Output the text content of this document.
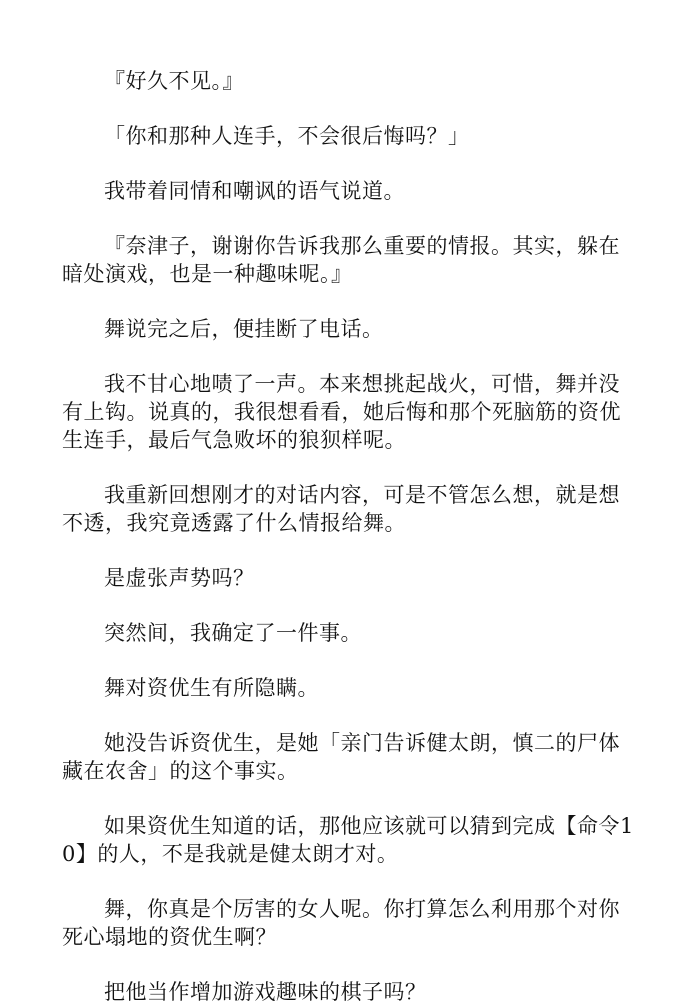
『好久不见。』

「你和那种人连手，不会很后悔吗？」

我带着同情和嘲讽的语气说道。

『奈津子，谢谢你告诉我那么重要的情报。其实，躲在暗处演戏，也是一种趣味呢。』

舞说完之后，便挂断了电话。

我不甘心地啧了一声。本来想挑起战火，可惜，舞并没有上钩。说真的，我很想看看，她后悔和那个死脑筋的资优生连手，最后气急败坏的狼狈样呢。

我重新回想刚才的对话内容，可是不管怎么想，就是想不透，我究竟透露了什么情报给舞。

是虚张声势吗？

突然间，我确定了一件事。

舞对资优生有所隐瞒。

她没告诉资优生，是她「亲门告诉健太朗，慎二的尸体藏在农舍」的这个事实。

如果资优生知道的话，那他应该就可以猜到完成【命令10】的人，不是我就是健太朗才对。

舞，你真是个厉害的女人呢。你打算怎么利用那个对你死心塌地的资优生啊？

把他当作增加游戏趣味的棋子吗？
